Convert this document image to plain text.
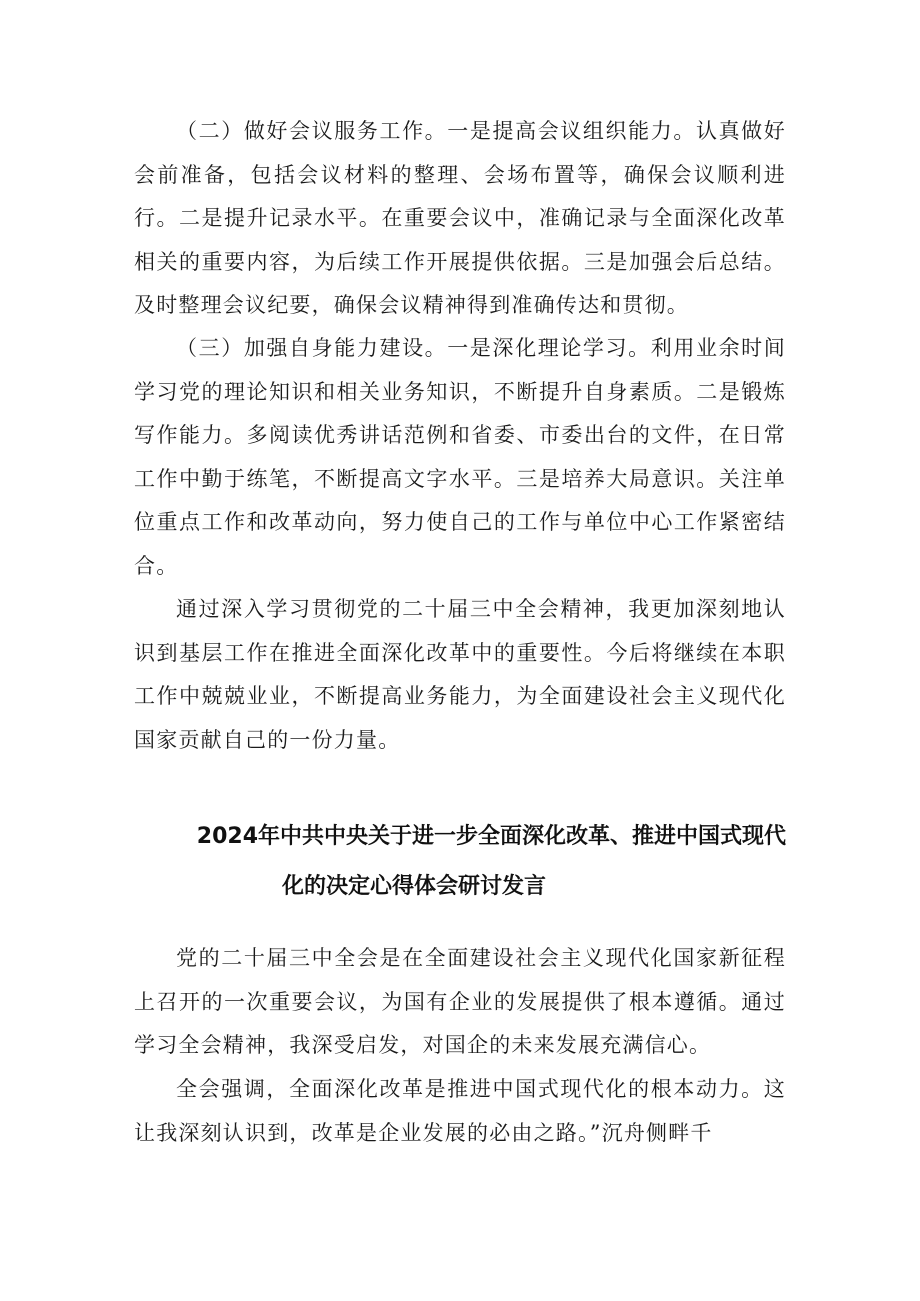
（二）做好会议服务工作。一是提高会议组织能力。认真做好会前准备，包括会议材料的整理、会场布置等，确保会议顺利进行。二是提升记录水平。在重要会议中，准确记录与全面深化改革相关的重要内容，为后续工作开展提供依据。三是加强会后总结。及时整理会议纪要，确保会议精神得到准确传达和贯彻。

（三）加强自身能力建设。一是深化理论学习。利用业余时间学习党的理论知识和相关业务知识，不断提升自身素质。二是锻炼写作能力。多阅读优秀讲话范例和省委、市委出台的文件，在日常工作中勤于练笔，不断提高文字水平。三是培养大局意识。关注单位重点工作和改革动向，努力使自己的工作与单位中心工作紧密结合。

通过深入学习贯彻党的二十届三中全会精神，我更加深刻地认识到基层工作在推进全面深化改革中的重要性。今后将继续在本职工作中兢兢业业，不断提高业务能力，为全面建设社会主义现代化国家贡献自己的一份力量。

2024年中共中央关于进一步全面深化改革、推进中国式现代
化的决定心得体会研讨发言

党的二十届三中全会是在全面建设社会主义现代化国家新征程上召开的一次重要会议，为国有企业的发展提供了根本遵循。通过学习全会精神，我深受启发，对国企的未来发展充满信心。

全会强调，全面深化改革是推进中国式现代化的根本动力。这让我深刻认识到，改革是企业发展的必由之路。”沉舟侧畔千
